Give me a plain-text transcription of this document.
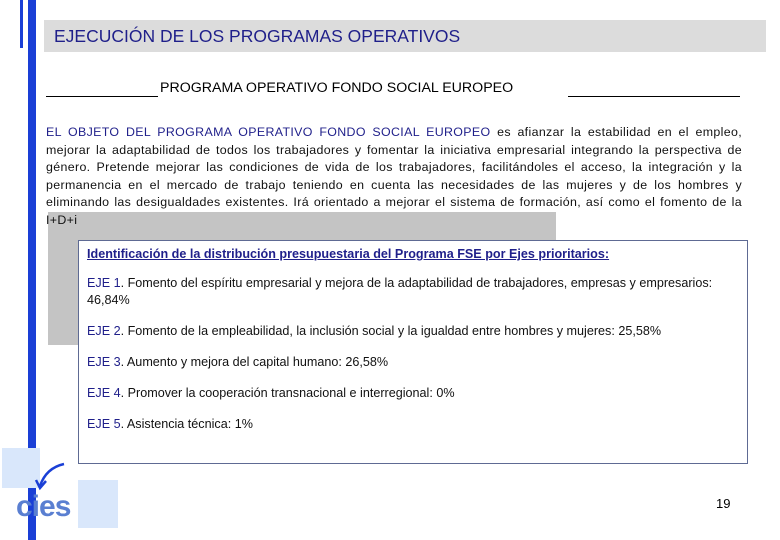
EJECUCIÓN DE LOS PROGRAMAS OPERATIVOS
PROGRAMA OPERATIVO FONDO SOCIAL EUROPEO
EL OBJETO DEL PROGRAMA OPERATIVO FONDO SOCIAL EUROPEO es afianzar la estabilidad en el empleo, mejorar la adaptabilidad de todos los trabajadores y fomentar la iniciativa empresarial integrando la perspectiva de género. Pretende mejorar las condiciones de vida de los trabajadores, facilitándoles el acceso, la integración y la permanencia en el mercado de trabajo teniendo en cuenta las necesidades de las mujeres y de los hombres y eliminando las desigualdades existentes. Irá orientado a mejorar el sistema de formación, así como el fomento de la I+D+i
Identificación de la distribución presupuestaria del Programa FSE por Ejes prioritarios:
EJE 1. Fomento del espíritu empresarial y mejora de la adaptabilidad de trabajadores, empresas y empresarios: 46,84%
EJE 2. Fomento de la empleabilidad, la inclusión social y la igualdad entre hombres y mujeres: 25,58%
EJE 3. Aumento y mejora del capital humano: 26,58%
EJE 4. Promover la cooperación transnacional e interregional: 0%
EJE 5. Asistencia técnica: 1%
cies	19
